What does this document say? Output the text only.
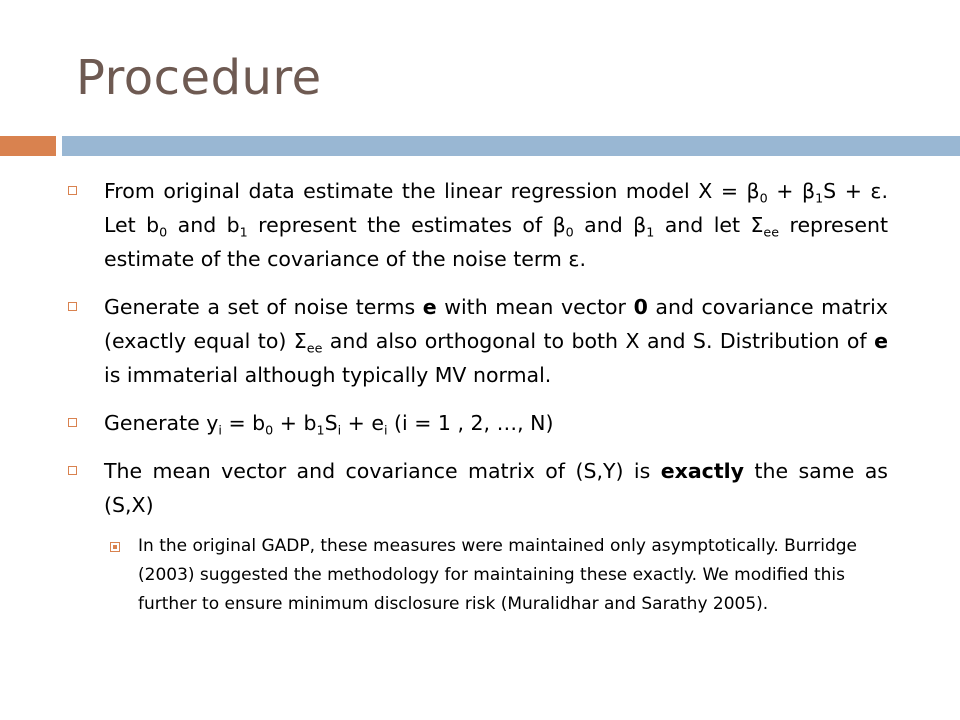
Procedure
From original data estimate the linear regression model $X = \beta_0 + \beta_1S + \varepsilon$. Let $b_0$ and $b_1$ represent the estimates of $\beta_0$ and $\beta_1$ and let $\Sigma_{ee}$ represent estimate of the covariance of the noise term ε.
Generate a set of noise terms e with mean vector 0 and covariance matrix (exactly equal to) $\Sigma_{ee}$ and also orthogonal to both X and S. Distribution of e is immaterial although typically MV normal.
Generate $y_i = b_0 + b_1S_i + e_i$ (i = 1 , 2, …, N)
The mean vector and covariance matrix of (S,Y) is exactly the same as (S,X)
In the original GADP, these measures were maintained only asymptotically. Burridge (2003) suggested the methodology for maintaining these exactly. We modified this further to ensure minimum disclosure risk (Muralidhar and Sarathy 2005).
